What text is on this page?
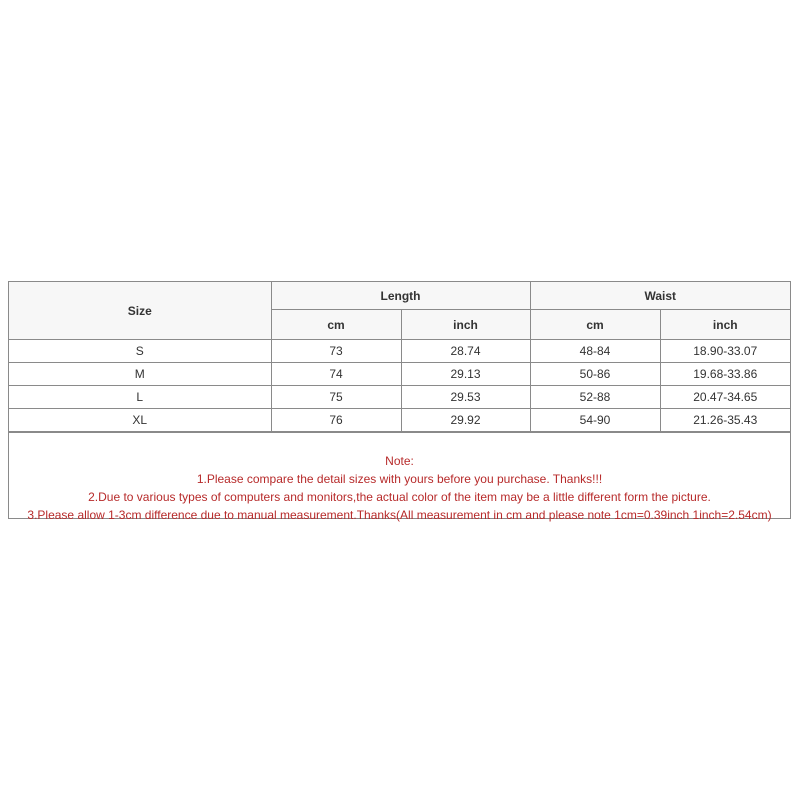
Size	Length		Waist	
	cm	inch	cm	inch
S	73	28.74	48-84	18.90-33.07
M	74	29.13	50-86	19.68-33.86
L	75	29.53	52-88	20.47-34.65
XL	76	29.92	54-90	21.26-35.43
Note:
1.Please compare the detail sizes with yours before you purchase. Thanks!!!
2.Due to various types of computers and monitors,the actual color of the item may be a little different form the picture.
3.Please allow 1-3cm difference due to manual measurement.Thanks(All measurement in cm and please note 1cm=0.39inch 1inch=2.54cm)
